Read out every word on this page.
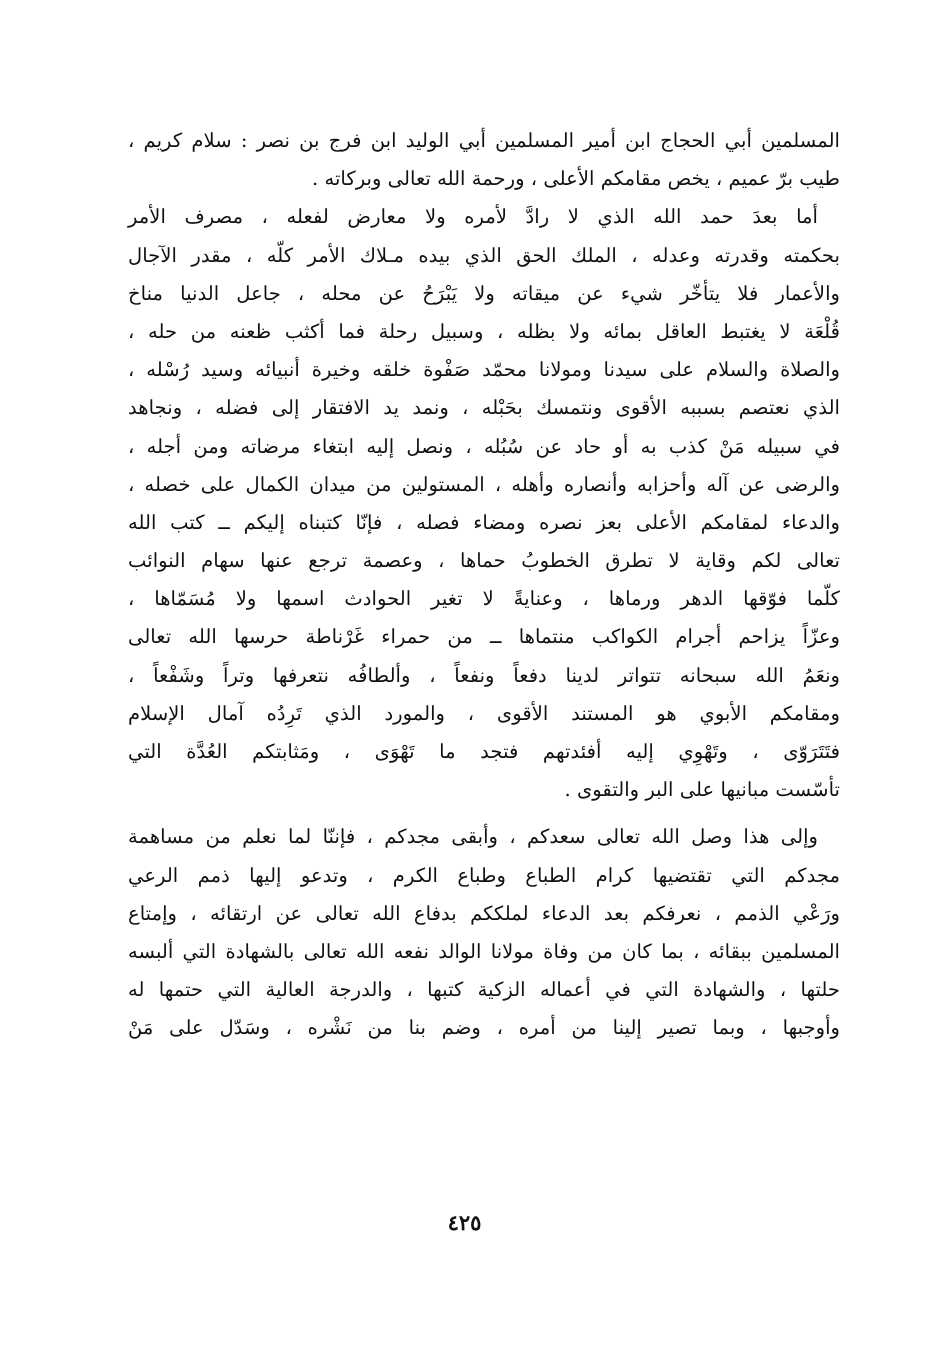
المسلمين أبي الحجاج ابن أمير المسلمين أبي الوليد ابن فرج بن نصر : سلام كريم ،
طيب برّ عميم ، يخص مقامكم الأعلى ، ورحمة الله تعالى وبركاته .
أما بعدَ حمد الله الذي لا رادَّ لأمره ولا معارض لفعله ، مصرف الأمر
بحكمته وقدرته وعدله ، الملك الحق الذي بيده مـلاك الأمر كلّه ، مقدر الآجال
والأعمار فلا يتأخّر شيء عن ميقاته ولا يَبْرَحُ عن محله ، جاعل الدنيا مناخ
قُلْعَة لا يغتبط العاقل بمائه ولا بظله ، وسبيل رحلة فما أكثب ظعنه من حله ،
والصلاة والسلام على سيدنا ومولانا محمّد صَفْوة خلقه وخيرة أنبيائه وسيد رُسْله ،
الذي نعتصم بسببه الأقوى ونتمسك بحَبْله ، ونمد يد الافتقار إلى فضله ، ونجاهد
في سبيله مَنْ كذب به أو حاد عن سُبُله ، ونصل إليه ابتغاء مرضاته ومن أجله ،
والرضى عن آله وأحزابه وأنصاره وأهله ، المستولين من ميدان الكمال على خصله ،
والدعاء لمقامكم الأعلى بعز نصره ومضاء فصله ، فإنّا كتبناه إليكم ــ كتب الله
تعالى لكم وقاية لا تطرق الخطوبُ حماها ، وعصمة ترجع عنها سهام النوائب
كلّما فوّقها الدهر ورماها ، وعنايةً لا تغير الحوادث اسمها ولا مُسَمّاها ،
وعزّاً يزاحم أجرام الكواكب منتماها ــ من حمراء غَرْناطة حرسها الله تعالى
ونعَمُ الله سبحانه تتواتر لدينا دفعاً ونفعاً ، وألطافُه نتعرفها وتراً وشَفْعاً ،
ومقامكم الأبوي هو المستند الأقوى ، والمورد الذي تَرِدُه آمال الإسلام
فتَتَرَوّى ، وتَهْوِي إليه أفئدتهم فتجد ما تَهْوَى ، ومَثابتكم العُدَّة التي
تأسّست مبانيها على البر والتقوى .
وإلى هذا وصل الله تعالى سعدكم ، وأبقى مجدكم ، فإننّا لما نعلم من مساهمة
مجدكم التي تقتضيها كرام الطباع وطباع الكرم ، وتدعو إليها ذمم الرعي
ورَعْي الذمم ، نعرفكم بعد الدعاء لملككم بدفاع الله تعالى عن ارتقائه ، وإمتاع
المسلمين ببقائه ، بما كان من وفاة مولانا الوالد نفعه الله تعالى بالشهادة التي ألبسه
حلتها ، والشهادة التي في أعماله الزكية كتبها ، والدرجة العالية التي حتمها له
وأوجبها ، وبما تصير إلينا من أمره ، وضم بنا من نَشْره ، وسَدّل على مَنْ
٤٢٥
